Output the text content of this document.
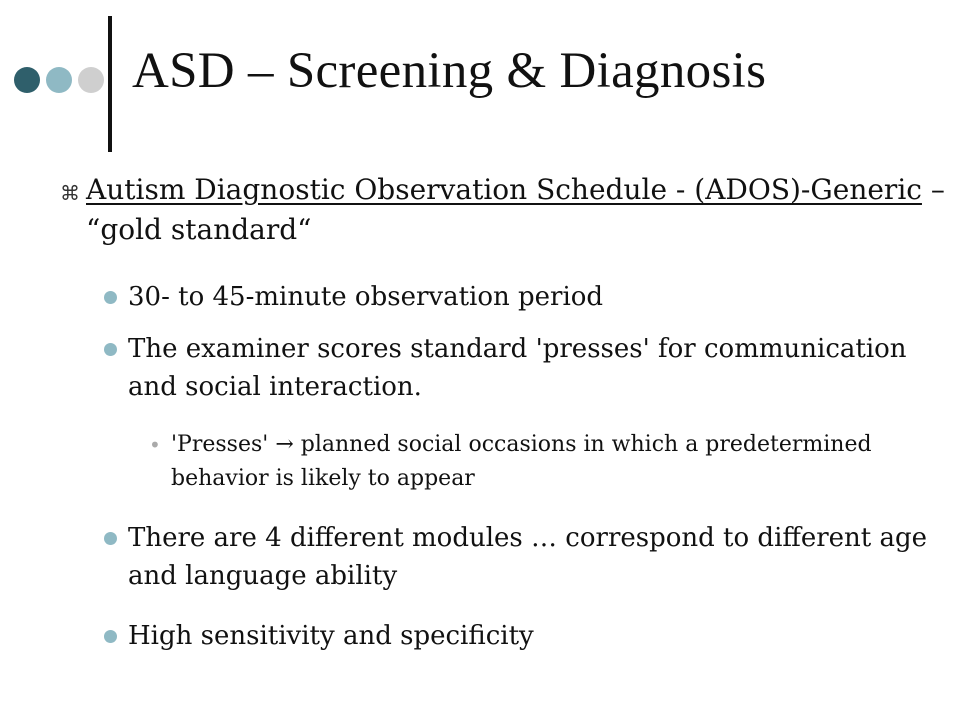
ASD – Screening & Diagnosis
⌘ Autism Diagnostic Observation Schedule - (ADOS)-Generic – “gold standard“
30- to 45-minute observation period
The examiner scores standard 'presses' for communication and social interaction.
• 'Presses' → planned social occasions in which a predetermined behavior is likely to appear
There are 4 different modules … correspond to different age and language ability
High sensitivity and specificity
